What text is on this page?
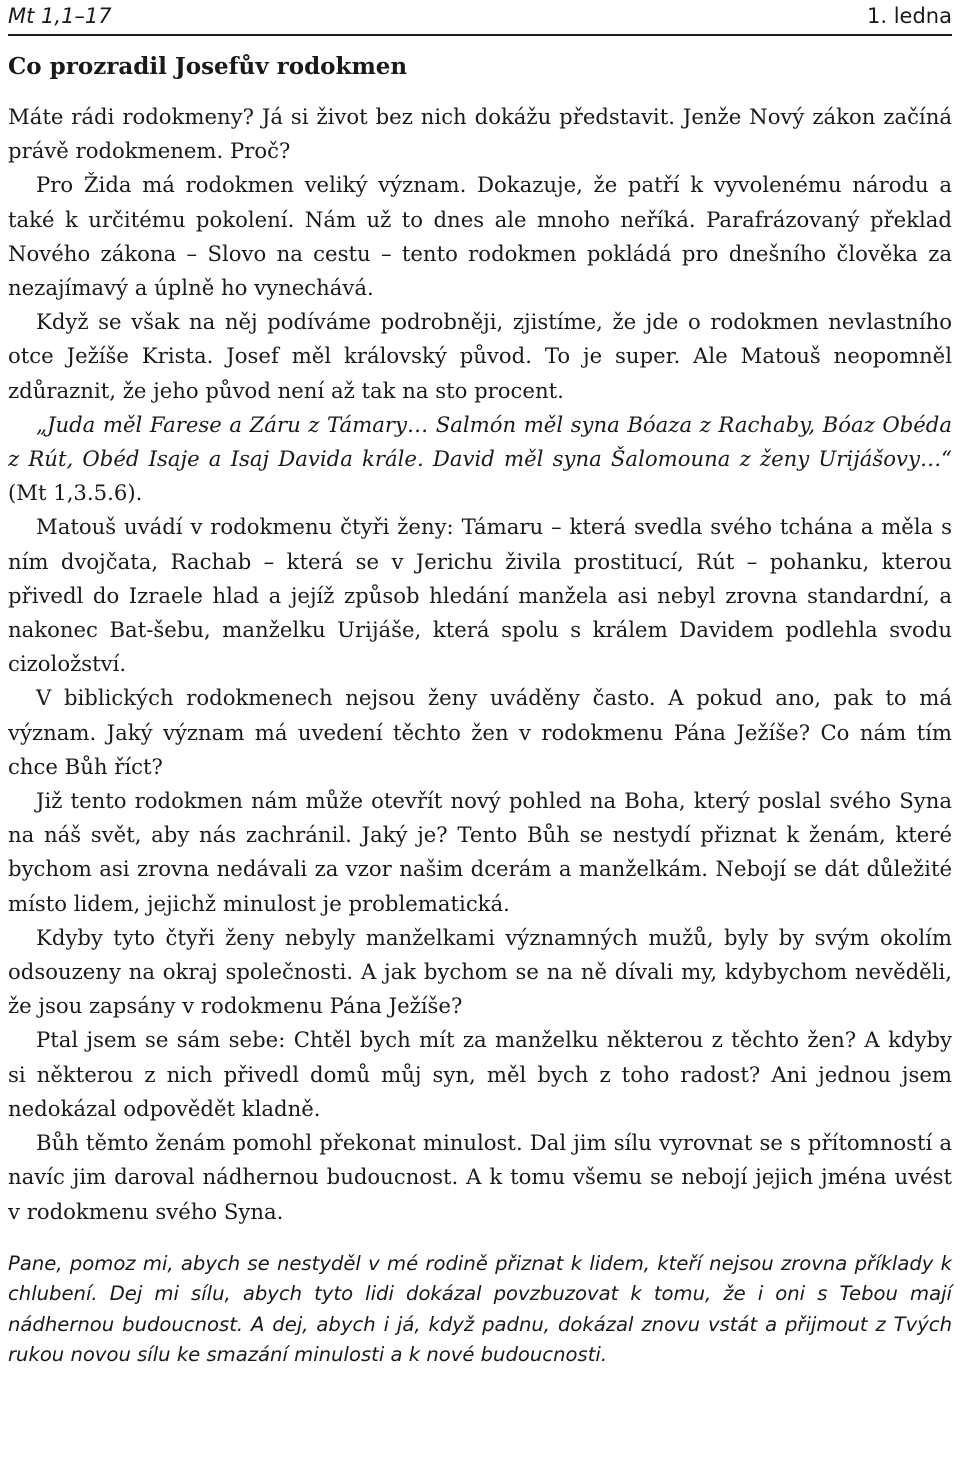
Mt 1,1–17	1. ledna
Co prozradil Josefův rodokmen

Máte rádi rodokmeny? Já si život bez nich dokážu představit. Jenže Nový zákon začíná právě rodokmenem. Proč?

Pro Žida má rodokmen veliký význam. Dokazuje, že patří k vyvolenému národu a také k určitému pokolení. Nám už to dnes ale mnoho neříká. Parafrázovaný překlad Nového zákona – Slovo na cestu – tento rodokmen pokládá pro dnešního člověka za nezajímavý a úplně ho vynechává.

Když se však na něj podíváme podrobněji, zjistíme, že jde o rodokmen nevlastního otce Ježíše Krista. Josef měl královský původ. To je super. Ale Matouš neopomněl zdůraznit, že jeho původ není až tak na sto procent.

„Juda měl Farese a Záru z Támary… Salmón měl syna Bóaza z Rachaby, Bóaz Obéda z Rút, Obéd Isaje a Isaj Davida krále. David měl syna Šalomouna z ženy Urijášovy…“ (Mt 1,3.5.6).

Matouš uvádí v rodokmenu čtyři ženy: Támaru – která svedla svého tchána a měla s ním dvojčata, Rachab – která se v Jerichu živila prostitucí, Rút – pohanku, kterou přivedl do Izraele hlad a jejíž způsob hledání manžela asi nebyl zrovna standardní, a nakonec Bat-šebu, manželku Urijáše, která spolu s králem Davidem podlehla svodu cizoložství.

V biblických rodokmenech nejsou ženy uváděny často. A pokud ano, pak to má význam. Jaký význam má uvedení těchto žen v rodokmenu Pána Ježíše? Co nám tím chce Bůh říct?

Již tento rodokmen nám může otevřít nový pohled na Boha, který poslal svého Syna na náš svět, aby nás zachránil. Jaký je? Tento Bůh se nestydí přiznat k ženám, které bychom asi zrovna nedávali za vzor našim dcerám a manželkám. Nebojí se dát důležité místo lidem, jejichž minulost je problematická.

Kdyby tyto čtyři ženy nebyly manželkami významných mužů, byly by svým okolím odsouzeny na okraj společnosti. A jak bychom se na ně dívali my, kdybychom nevěděli, že jsou zapsány v rodokmenu Pána Ježíše?

Ptal jsem se sám sebe: Chtěl bych mít za manželku některou z těchto žen? A kdyby si některou z nich přivedl domů můj syn, měl bych z toho radost? Ani jednou jsem nedokázal odpovědět kladně.

Bůh těmto ženám pomohl překonat minulost. Dal jim sílu vyrovnat se s přítomností a navíc jim daroval nádhernou budoucnost. A k tomu všemu se nebojí jejich jména uvést v rodokmenu svého Syna.

Pane, pomoz mi, abych se nestyděl v mé rodině přiznat k lidem, kteří nejsou zrovna příklady k chlubení. Dej mi sílu, abych tyto lidi dokázal povzbuzovat k tomu, že i oni s Tebou mají nádhernou budoucnost. A dej, abych i já, když padnu, dokázal znovu vstát a přijmout z Tvých rukou novou sílu ke smazání minulosti a k nové budoucnosti.
